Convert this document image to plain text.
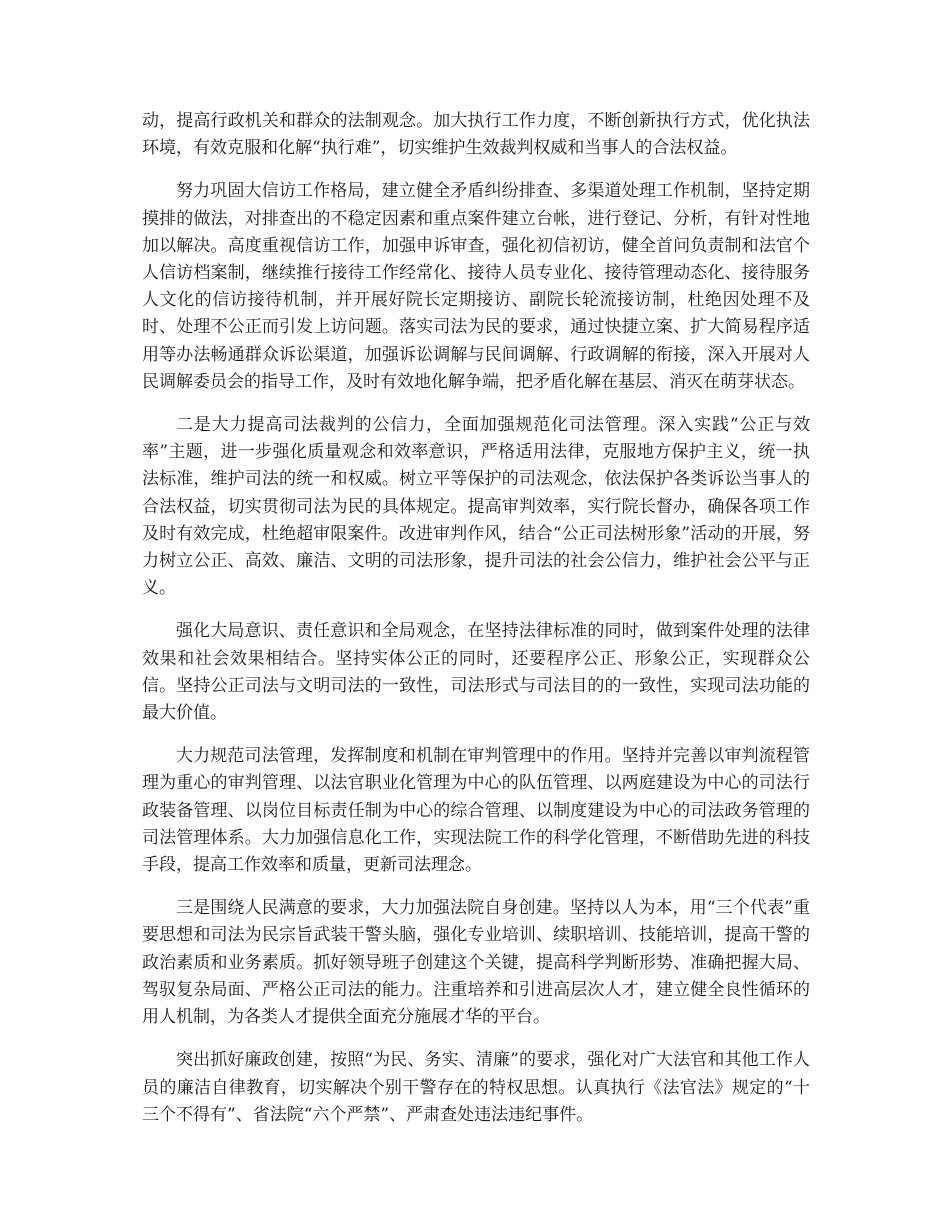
动，提高行政机关和群众的法制观念。加大执行工作力度，不断创新执行方式，优化执法环境，有效克服和化解“执行难”，切实维护生效裁判权威和当事人的合法权益。

努力巩固大信访工作格局，建立健全矛盾纠纷排查、多渠道处理工作机制，坚持定期摸排的做法，对排查出的不稳定因素和重点案件建立台帐，进行登记、分析，有针对性地加以解决。高度重视信访工作，加强申诉审查，强化初信初访，健全首问负责制和法官个人信访档案制，继续推行接待工作经常化、接待人员专业化、接待管理动态化、接待服务人文化的信访接待机制，并开展好院长定期接访、副院长轮流接访制，杜绝因处理不及时、处理不公正而引发上访问题。落实司法为民的要求，通过快捷立案、扩大简易程序适用等办法畅通群众诉讼渠道，加强诉讼调解与民间调解、行政调解的衔接，深入开展对人民调解委员会的指导工作，及时有效地化解争端，把矛盾化解在基层、消灭在萌芽状态。

二是大力提高司法裁判的公信力，全面加强规范化司法管理。深入实践“公正与效率”主题，进一步强化质量观念和效率意识，严格适用法律，克服地方保护主义，统一执法标准，维护司法的统一和权威。树立平等保护的司法观念，依法保护各类诉讼当事人的合法权益，切实贯彻司法为民的具体规定。提高审判效率，实行院长督办，确保各项工作及时有效完成，杜绝超审限案件。改进审判作风，结合“公正司法树形象”活动的开展，努力树立公正、高效、廉洁、文明的司法形象，提升司法的社会公信力，维护社会公平与正义。

强化大局意识、责任意识和全局观念，在坚持法律标准的同时，做到案件处理的法律效果和社会效果相结合。坚持实体公正的同时，还要程序公正、形象公正，实现群众公信。坚持公正司法与文明司法的一致性，司法形式与司法目的的一致性，实现司法功能的最大价值。

大力规范司法管理，发挥制度和机制在审判管理中的作用。坚持并完善以审判流程管理为重心的审判管理、以法官职业化管理为中心的队伍管理、以两庭建设为中心的司法行政装备管理、以岗位目标责任制为中心的综合管理、以制度建设为中心的司法政务管理的司法管理体系。大力加强信息化工作，实现法院工作的科学化管理，不断借助先进的科技手段，提高工作效率和质量，更新司法理念。

三是围绕人民满意的要求，大力加强法院自身创建。坚持以人为本，用“三个代表”重要思想和司法为民宗旨武装干警头脑，强化专业培训、续职培训、技能培训，提高干警的政治素质和业务素质。抓好领导班子创建这个关键，提高科学判断形势、准确把握大局、驾驭复杂局面、严格公正司法的能力。注重培养和引进高层次人才，建立健全良性循环的用人机制，为各类人才提供全面充分施展才华的平台。

突出抓好廉政创建，按照“为民、务实、清廉”的要求，强化对广大法官和其他工作人员的廉洁自律教育，切实解决个别干警存在的特权思想。认真执行《法官法》规定的“十三个不得有”、省法院“六个严禁”、严肃查处违法违纪事件。
